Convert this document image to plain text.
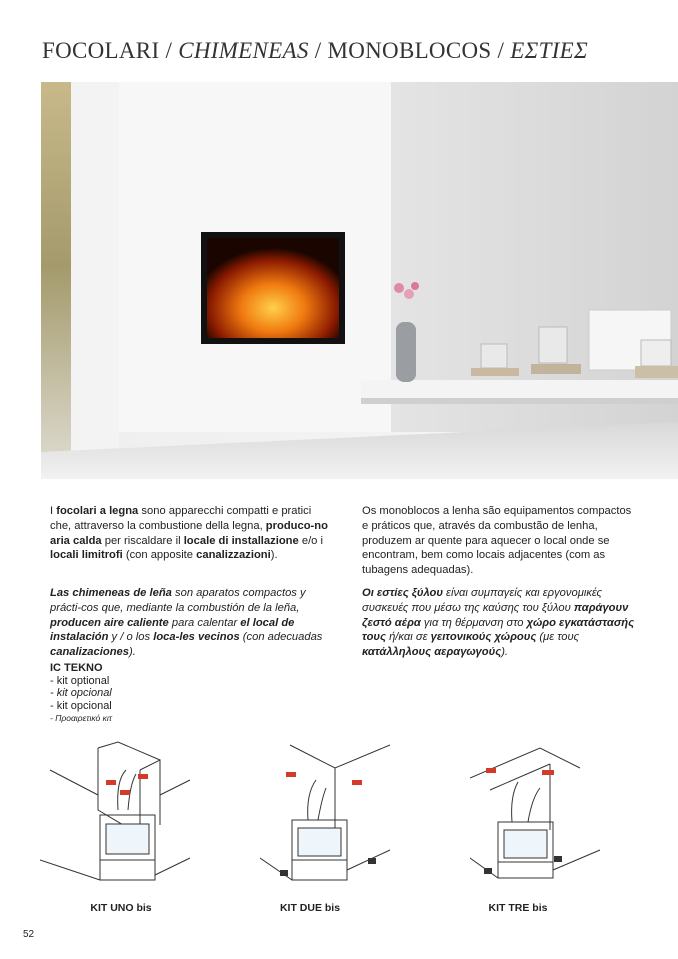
FOCOLARI / CHIMENEAS / MONOBLOCOS / ΕΣΤΙΕΣ
I focolari a legna sono apparecchi compatti e pratici che, attraverso la combustione della legna, produco-no aria calda per riscaldare il locale di installazione e/o i locali limitrofi (con apposite canalizzazioni).
Os monoblocos a lenha são equipamentos compactos e práticos que, através da combustão de lenha, produzem ar quente para aquecer o local onde se encontram, bem como locais adjacentes (com as tubagens adequadas).
Las chimeneas de leña son aparatos compactos y prácti-cos que, mediante la combustión de la leña, producen aire caliente para calentar el local de instalación y / o los loca-les vecinos (con adecuadas canalizaciones).
Οι εστίες ξύλου είναι συμπαγείς και εργονομικές συσκευές που μέσω της καύσης του ξύλου παράγουν ζεστό αέρα για τη θέρμανση στο χώρο εγκατάστασής τους ή/και σε γειτονικούς χώρους (με τους κατάλληλους αεραγωγούς).
IC TEKNO
- kit optional
- kit opcional
- kit opcional
- Προαιρετικό κιτ
KIT UNO bis	KIT DUE bis	KIT TRE bis
52
